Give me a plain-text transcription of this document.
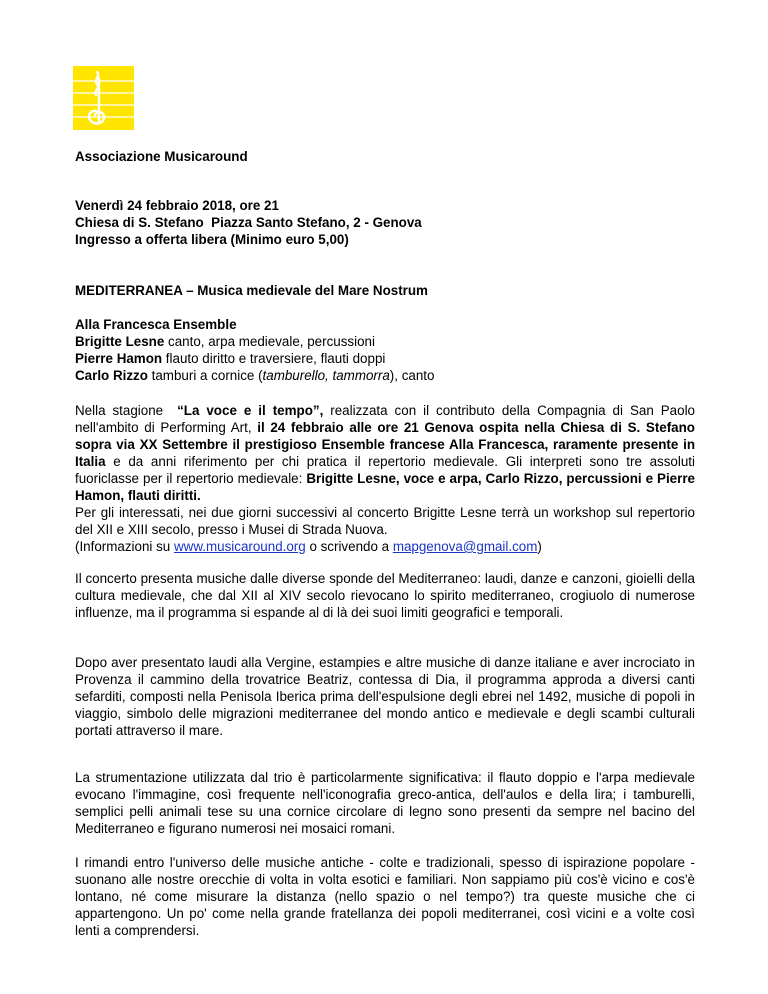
Associazione Musicaround
Venerdì 24 febbraio 2018, ore 21
Chiesa di S. Stefano  Piazza Santo Stefano, 2 - Genova
Ingresso a offerta libera (Minimo euro 5,00)
MEDITERRANEA – Musica medievale del Mare Nostrum
Alla Francesca Ensemble
Brigitte Lesne canto, arpa medievale, percussioni
Pierre Hamon flauto diritto e traversiere, flauti doppi
Carlo Rizzo tamburi a cornice (tamburello, tammorra), canto

Nella stagione  “La voce e il tempo”, realizzata con il contributo della Compagnia di San Paolo nell'ambito di Performing Art, il 24 febbraio alle ore 21 Genova ospita nella Chiesa di S. Stefano sopra via XX Settembre il prestigioso Ensemble francese Alla Francesca, raramente presente in Italia e da anni riferimento per chi pratica il repertorio medievale. Gli interpreti sono tre assoluti fuoriclasse per il repertorio medievale: Brigitte Lesne, voce e arpa, Carlo Rizzo, percussioni e Pierre Hamon, flauti diritti.

Per gli interessati, nei due giorni successivi al concerto Brigitte Lesne terrà un workshop sul repertorio del XII e XIII secolo, presso i Musei di Strada Nuova.

(Informazioni su www.musicaround.org o scrivendo a mapgenova@gmail.com)

Il concerto presenta musiche dalle diverse sponde del Mediterraneo: laudi, danze e canzoni, gioielli della cultura medievale, che dal XII al XIV secolo rievocano lo spirito mediterraneo, crogiuolo di numerose influenze, ma il programma si espande al di là dei suoi limiti geografici e temporali.

Dopo aver presentato laudi alla Vergine, estampies e altre musiche di danze italiane e aver incrociato in Provenza il cammino della trovatrice Beatriz, contessa di Dia, il programma approda a diversi canti sefarditi, composti nella Penisola Iberica prima dell'espulsione degli ebrei nel 1492, musiche di popoli in viaggio, simbolo delle migrazioni mediterranee del mondo antico e medievale e degli scambi culturali portati attraverso il mare.

La strumentazione utilizzata dal trio è particolarmente significativa: il flauto doppio e l'arpa medievale evocano l'immagine, così frequente nell'iconografia greco-antica, dell'aulos e della lira; i tamburelli, semplici pelli animali tese su una cornice circolare di legno sono presenti da sempre nel bacino del Mediterraneo e figurano numerosi nei mosaici romani.

I rimandi entro l'universo delle musiche antiche - colte e tradizionali, spesso di ispirazione popolare - suonano alle nostre orecchie di volta in volta esotici e familiari. Non sappiamo più cos'è vicino e cos'è lontano, né come misurare la distanza (nello spazio o nel tempo?) tra queste musiche che ci appartengono. Un po' come nella grande fratellanza dei popoli mediterranei, così vicini e a volte così lenti a comprendersi.
